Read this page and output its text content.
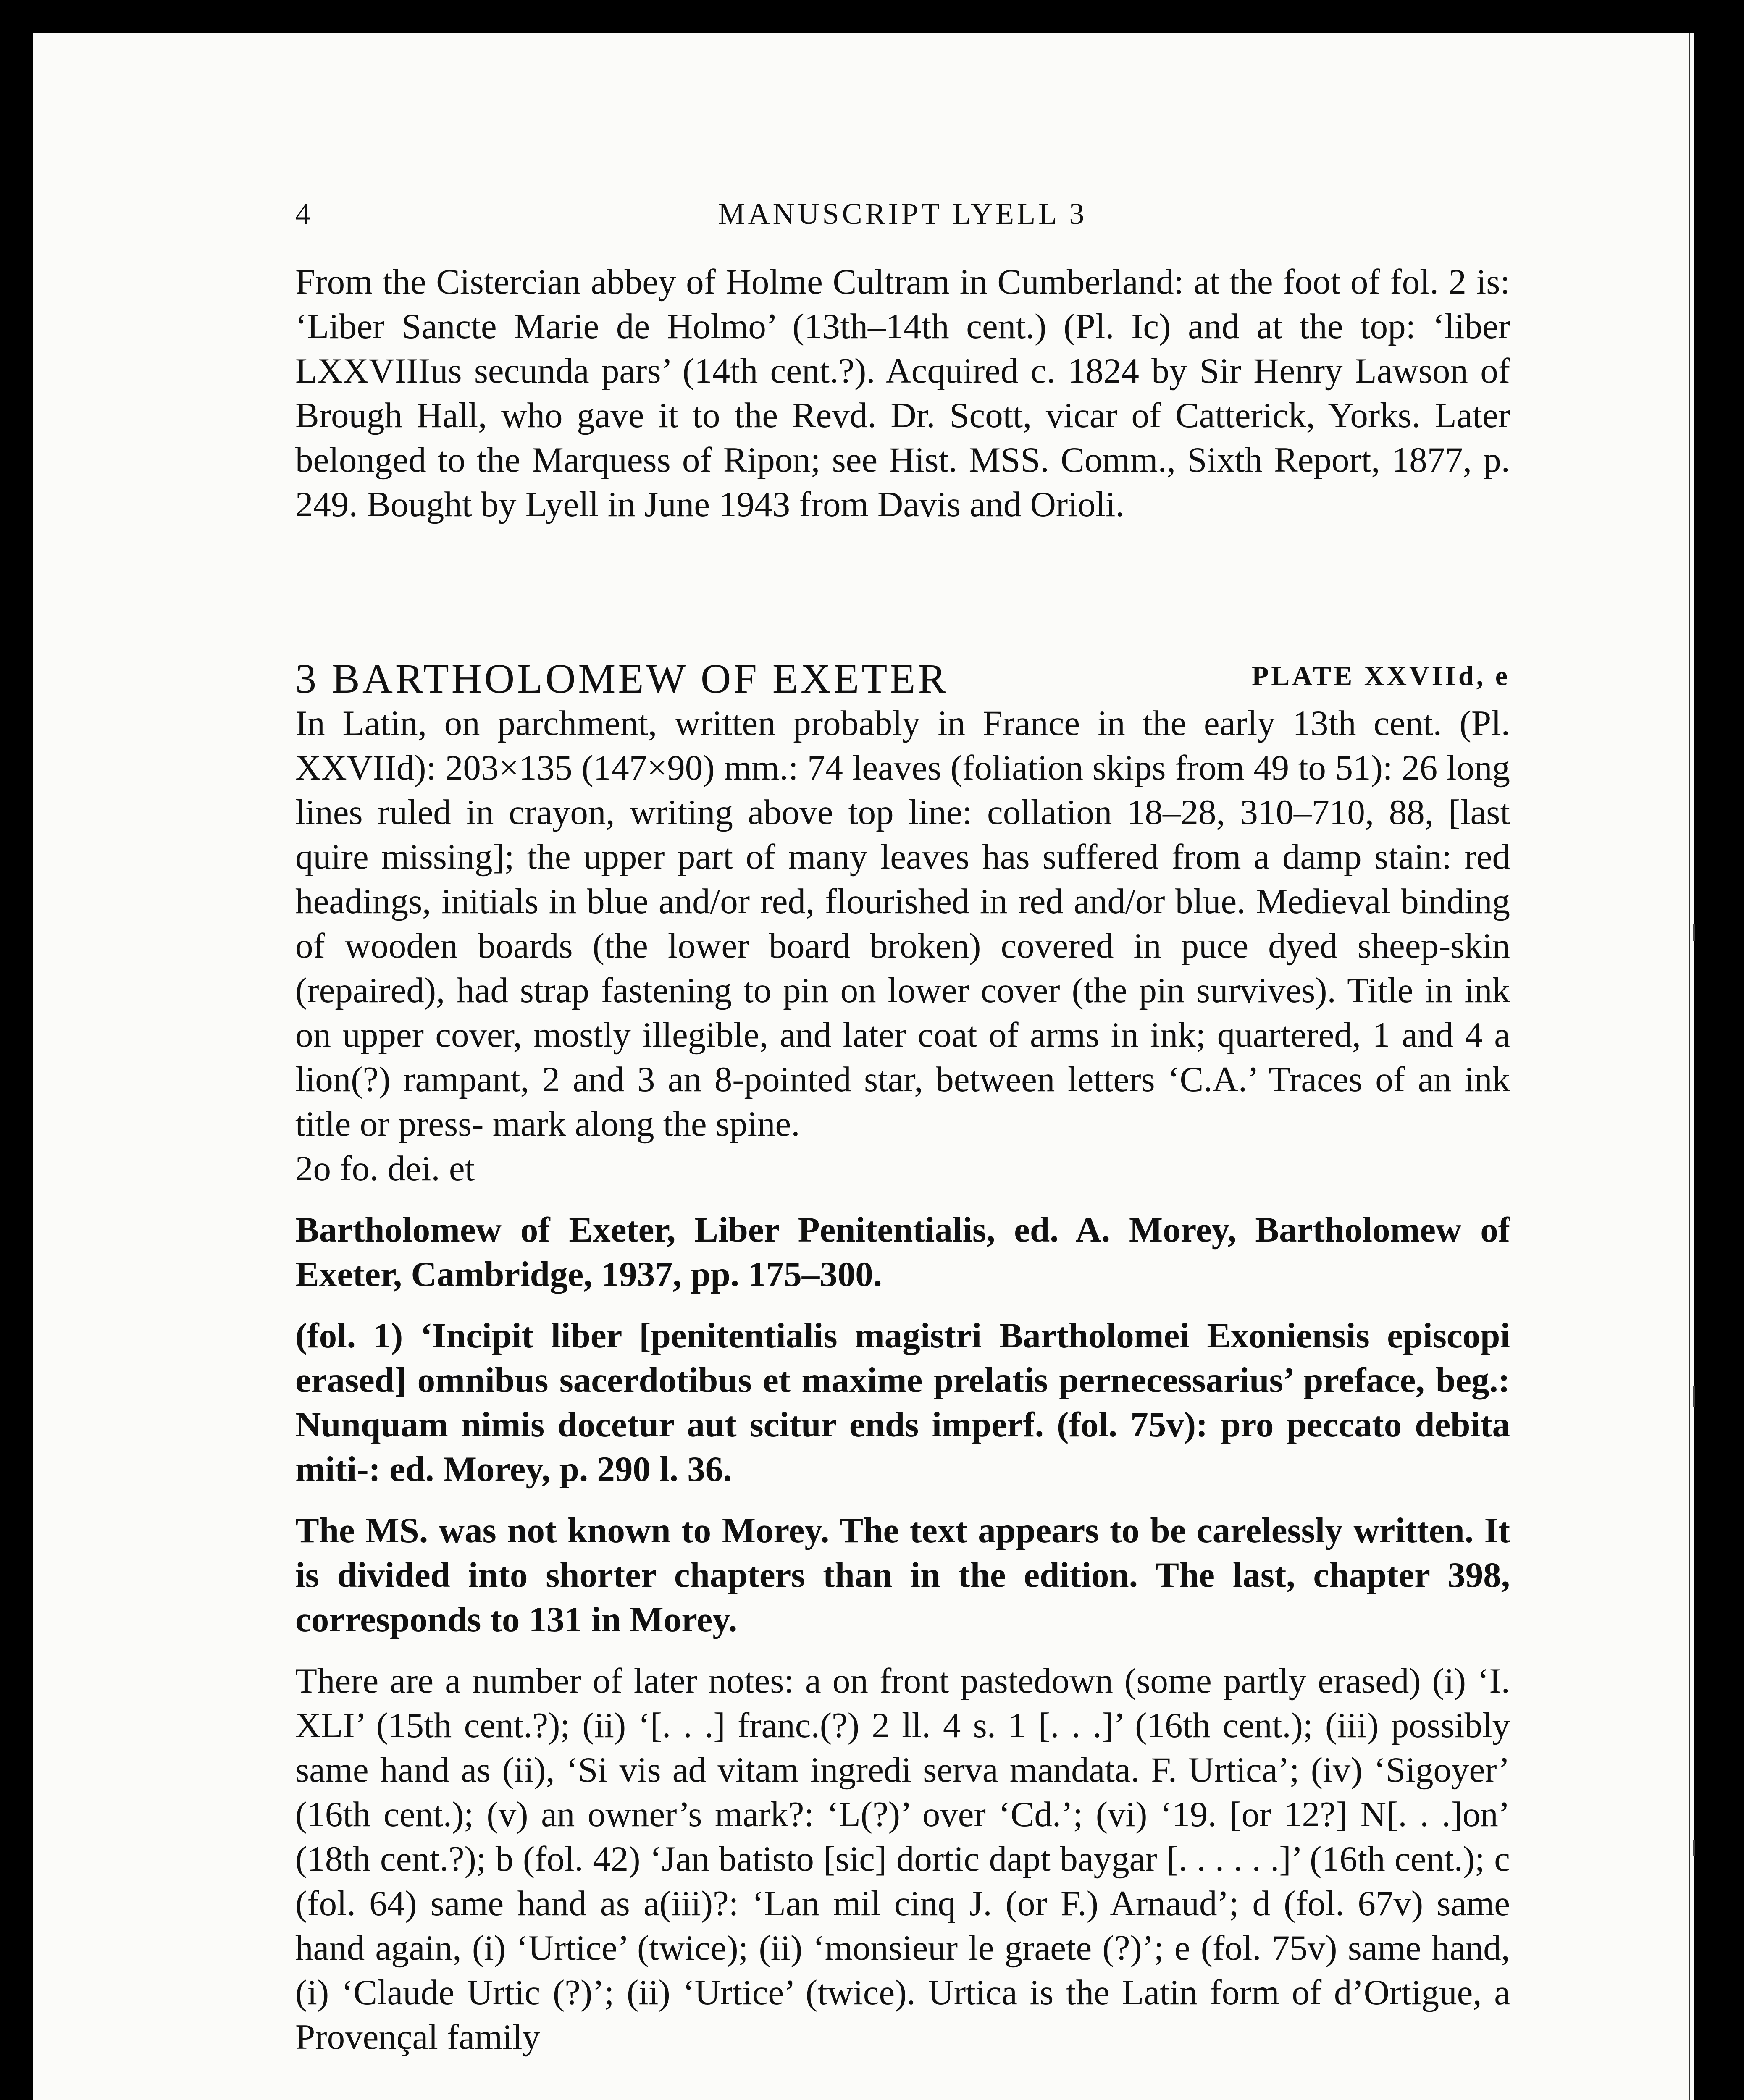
4	MANUSCRIPT LYELL 3

From the Cistercian abbey of Holme Cultram in Cumberland: at the foot of fol. 2 is: ‘Liber Sancte Marie de Holmo’ (13th–14th cent.) (Pl. Ic) and at the top: ‘liber LXXVIIIus secunda pars’ (14th cent.?). Acquired c. 1824 by Sir Henry Lawson of Brough Hall, who gave it to the Revd. Dr. Scott, vicar of Catterick, Yorks. Later belonged to the Marquess of Ripon; see Hist. MSS. Comm., Sixth Report, 1877, p. 249. Bought by Lyell in June 1943 from Davis and Orioli.

3 BARTHOLOMEW OF EXETER	PLATE XXVIId, e

In Latin, on parchment, written probably in France in the early 13th cent. (Pl. XXVIId): 203×135 (147×90) mm.: 74 leaves (foliation skips from 49 to 51): 26 long lines ruled in crayon, writing above top line: collation 18–28, 310–710, 88, [last quire missing]; the upper part of many leaves has suffered from a damp stain: red headings, initials in blue and/or red, flourished in red and/or blue. Medieval binding of wooden boards (the lower board broken) covered in puce dyed sheep-skin (repaired), had strap fastening to pin on lower cover (the pin survives). Title in ink on upper cover, mostly illegible, and later coat of arms in ink; quartered, 1 and 4 a lion(?) rampant, 2 and 3 an 8-pointed star, between letters ‘C.A.’ Traces of an ink title or press- mark along the spine.

2o fo. dei. et

Bartholomew of Exeter, Liber Penitentialis, ed. A. Morey, Bartholomew of Exeter, Cambridge, 1937, pp. 175–300.

(fol. 1) ‘Incipit liber [penitentialis magistri Bartholomei Exoniensis episcopi erased] omnibus sacerdotibus et maxime prelatis pernecessarius’ preface, beg.: Nunquam nimis docetur aut scitur ends imperf. (fol. 75v): pro peccato debita miti-: ed. Morey, p. 290 l. 36.

The MS. was not known to Morey. The text appears to be carelessly written. It is divided into shorter chapters than in the edition. The last, chapter 398, corresponds to 131 in Morey.

There are a number of later notes: a on front pastedown (some partly erased) (i) ‘I. XLI’ (15th cent.?); (ii) ‘[. . .] franc.(?) 2 ll. 4 s. 1 [. . .]’ (16th cent.); (iii) possibly same hand as (ii), ‘Si vis ad vitam ingredi serva mandata. F. Urtica’; (iv) ‘Sigoyer’ (16th cent.); (v) an owner’s mark?: ‘L(?)’ over ‘Cd.’; (vi) ‘19. [or 12?] N[. . .]on’ (18th cent.?); b (fol. 42) ‘Jan batisto [sic] dortic dapt baygar [. . . . . .]’ (16th cent.); c (fol. 64) same hand as a(iii)?: ‘Lan mil cinq J. (or F.) Arnaud’; d (fol. 67v) same hand again, (i) ‘Urtice’ (twice); (ii) ‘monsieur le graete (?)’; e (fol. 75v) same hand, (i) ‘Claude Urtic (?)’; (ii) ‘Urtice’ (twice). Urtica is the Latin form of d’Ortigue, a Provençal family
